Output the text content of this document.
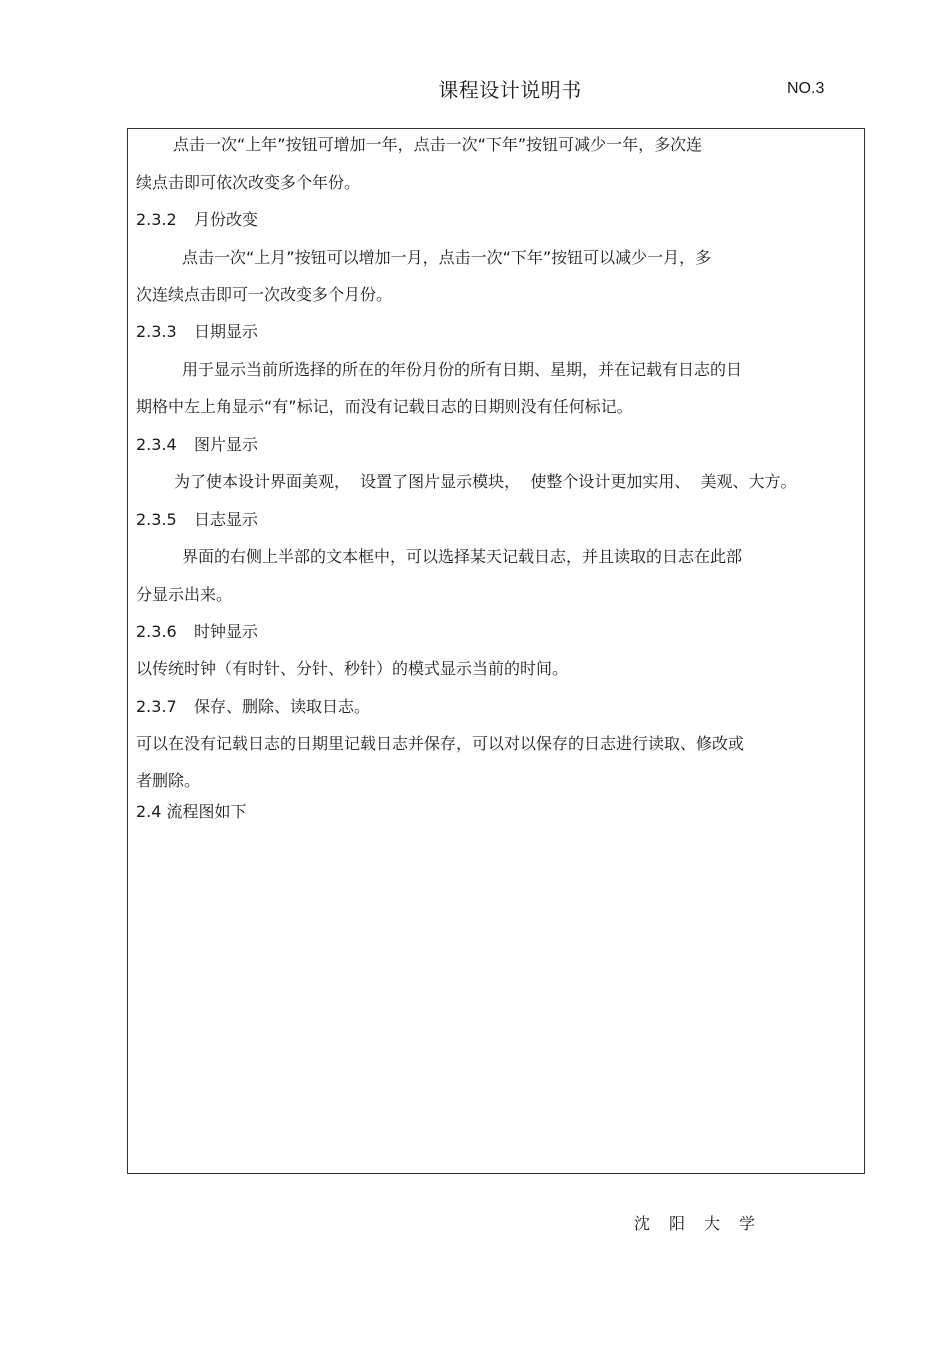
课程设计说明书	NO.3
点击一次“上年”按钮可增加一年，点击一次“下年”按钮可减少一年，多次连
续点击即可依次改变多个年份。
2.3.2 月份改变
点击一次“上月”按钮可以增加一月，点击一次“下年”按钮可以减少一月，多
次连续点击即可一次改变多个月份。
2.3.3 日期显示
用于显示当前所选择的所在的年份月份的所有日期、星期，并在记载有日志的日
期格中左上角显示“有”标记，而没有记载日志的日期则没有任何标记。
2.3.4 图片显示
为了使本设计界面美观，  设置了图片显示模块，  使整个设计更加实用、  美观、大方。
2.3.5 日志显示
界面的右侧上半部的文本框中，可以选择某天记载日志，并且读取的日志在此部
分显示出来。
2.3.6 时钟显示
以传统时钟（有时针、分针、秒针）的模式显示当前的时间。
2.3.7 保存、删除、读取日志。
可以在没有记载日志的日期里记载日志并保存，可以对以保存的日志进行读取、修改或
者删除。
2.4 流程图如下
沈阳大学
